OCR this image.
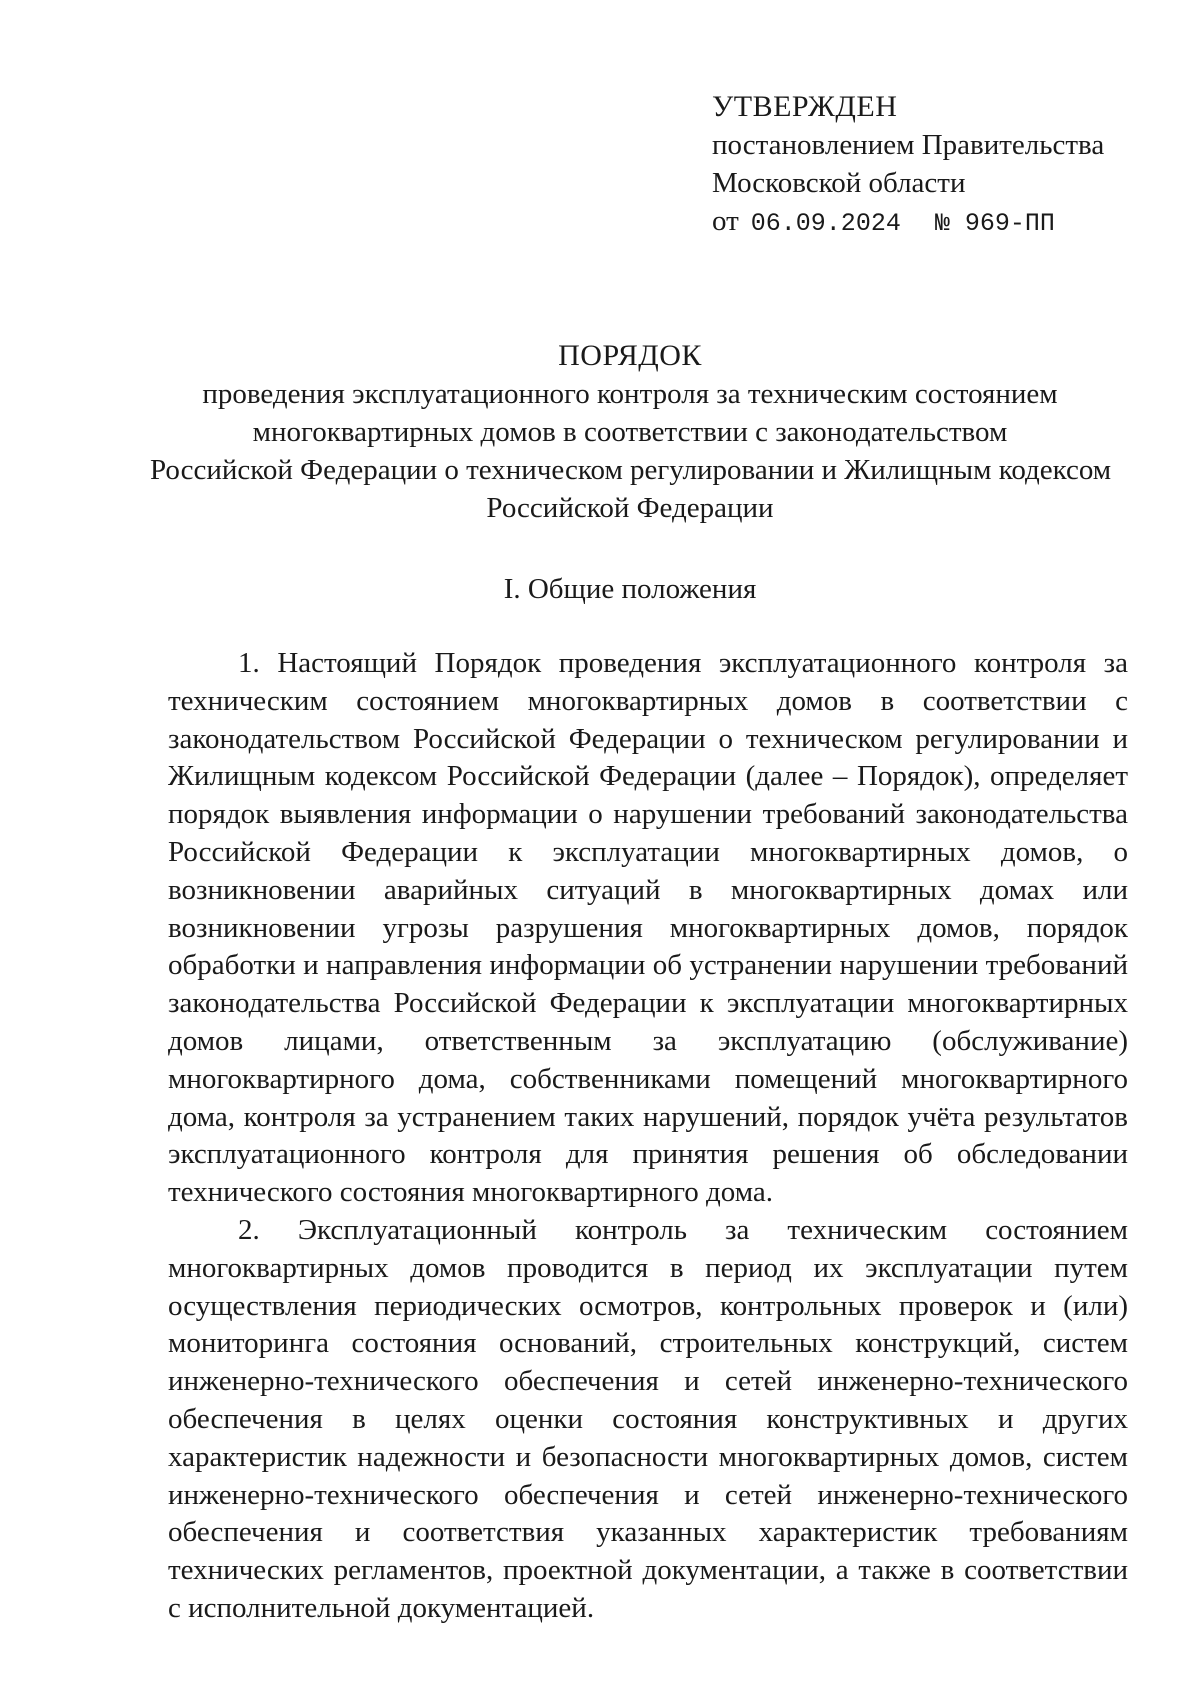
УТВЕРЖДЕН
постановлением Правительства
Московской области
от 06.09.2024 № 969-ПП
ПОРЯДОК
проведения эксплуатационного контроля за техническим состоянием
многоквартирных домов в соответствии с законодательством
Российской Федерации о техническом регулировании и Жилищным кодексом
Российской Федерации
I. Общие положения

1. Настоящий Порядок проведения эксплуатационного контроля за техническим состоянием многоквартирных домов в соответствии с законодательством Российской Федерации о техническом регулировании и Жилищным кодексом Российской Федерации (далее – Порядок), определяет порядок выявления информации о нарушении требований законодательства Российской Федерации к эксплуатации многоквартирных домов, о возникновении аварийных ситуаций в многоквартирных домах или возникновении угрозы разрушения многоквартирных домов, порядок обработки и направления информации об устранении нарушении требований законодательства Российской Федерации к эксплуатации многоквартирных домов лицами, ответственным за эксплуатацию (обслуживание) многоквартирного дома, собственниками помещений многоквартирного дома, контроля за устранением таких нарушений, порядок учёта результатов эксплуатационного контроля для принятия решения об обследовании технического состояния многоквартирного дома.

2. Эксплуатационный контроль за техническим состоянием многоквартирных домов проводится в период их эксплуатации путем осуществления периодических осмотров, контрольных проверок и (или) мониторинга состояния оснований, строительных конструкций, систем инженерно-технического обеспечения и сетей инженерно-технического обеспечения в целях оценки состояния конструктивных и других характеристик надежности и безопасности многоквартирных домов, систем инженерно-технического обеспечения и сетей инженерно-технического обеспечения и соответствия указанных характеристик требованиям технических регламентов, проектной документации, а также в соответствии с исполнительной документацией.
